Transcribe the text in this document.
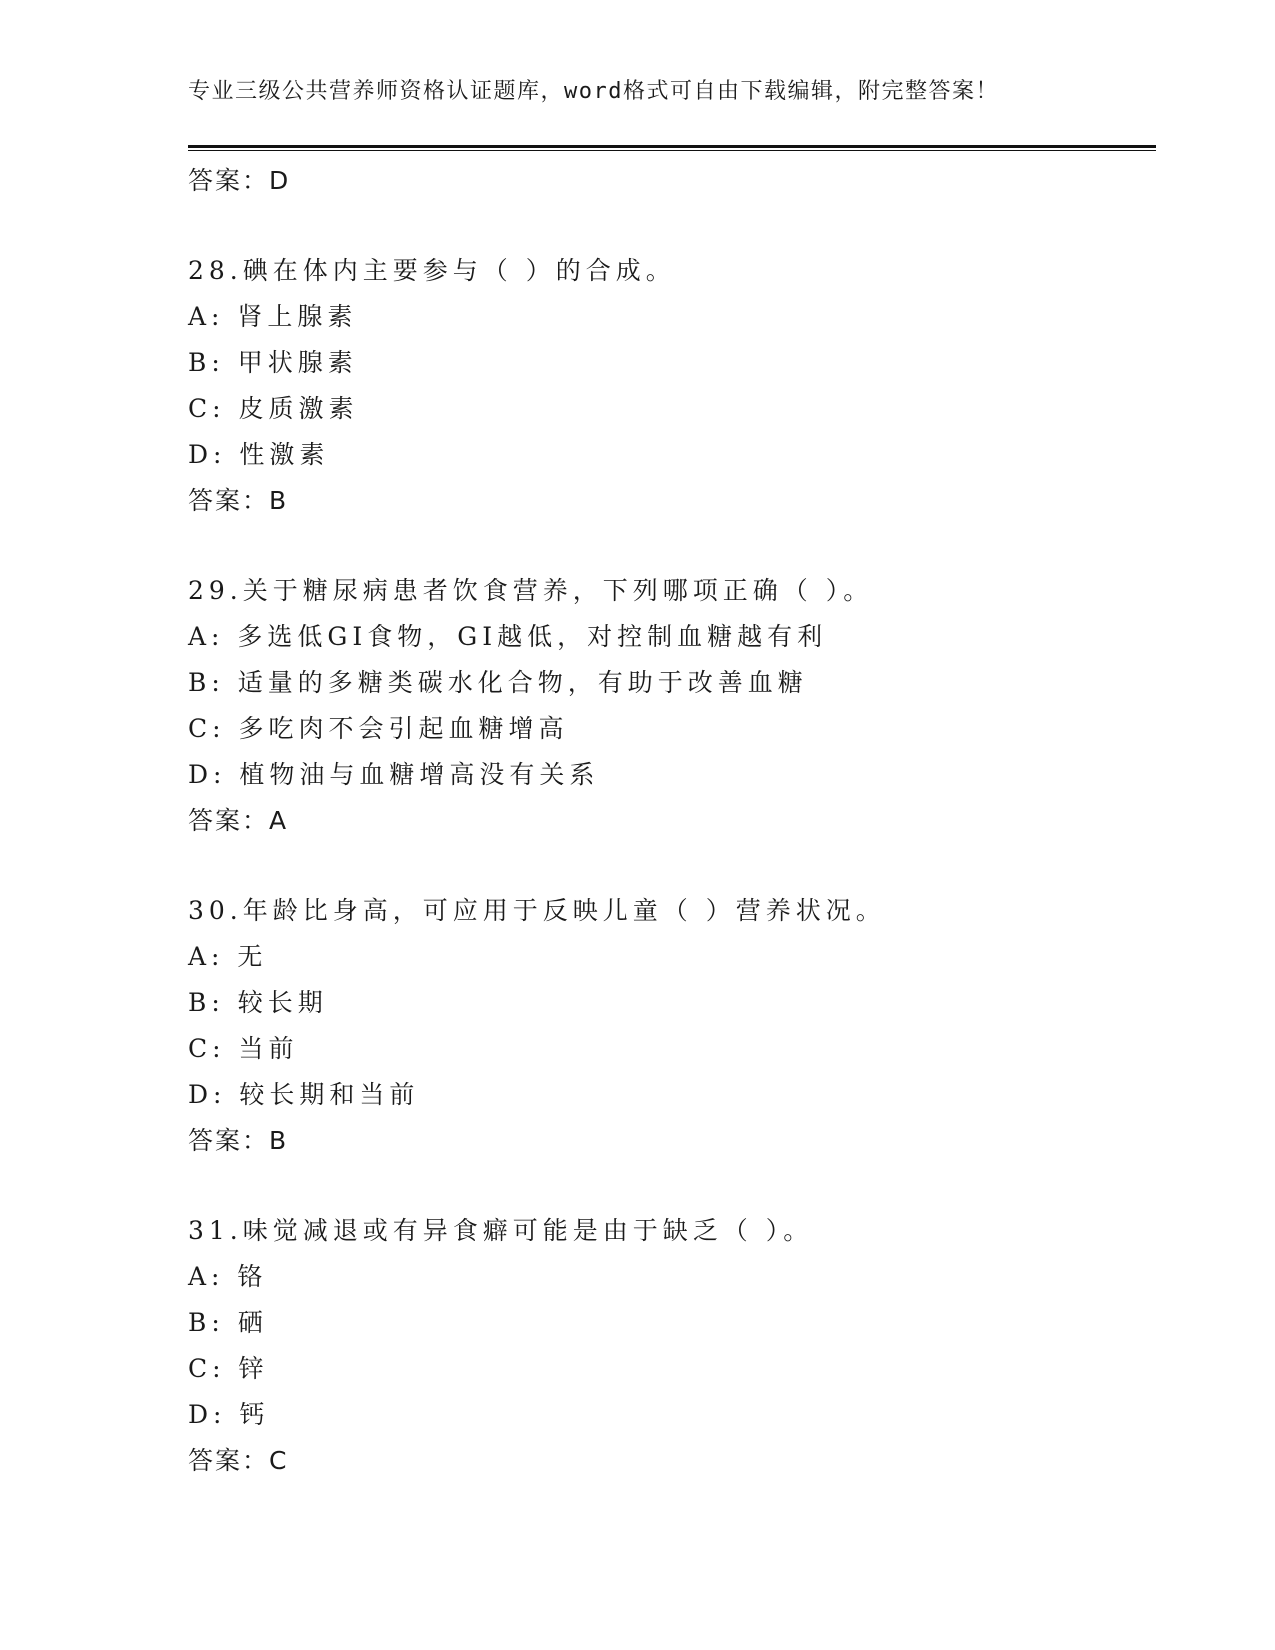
专业三级公共营养师资格认证题库，word格式可自由下载编辑，附完整答案！
答案：D
28.碘在体内主要参与（ ）的合成。
A: 肾上腺素
B: 甲状腺素
C: 皮质激素
D: 性激素
答案：B
29.关于糖尿病患者饮食营养，下列哪项正确（ ）。
A: 多选低GI食物，GI越低，对控制血糖越有利
B: 适量的多糖类碳水化合物，有助于改善血糖
C: 多吃肉不会引起血糖增高
D: 植物油与血糖增高没有关系
答案：A
30.年龄比身高，可应用于反映儿童（ ）营养状况。
A: 无
B: 较长期
C: 当前
D: 较长期和当前
答案：B
31.味觉减退或有异食癖可能是由于缺乏（ ）。
A: 铬
B: 硒
C: 锌
D: 钙
答案：C
